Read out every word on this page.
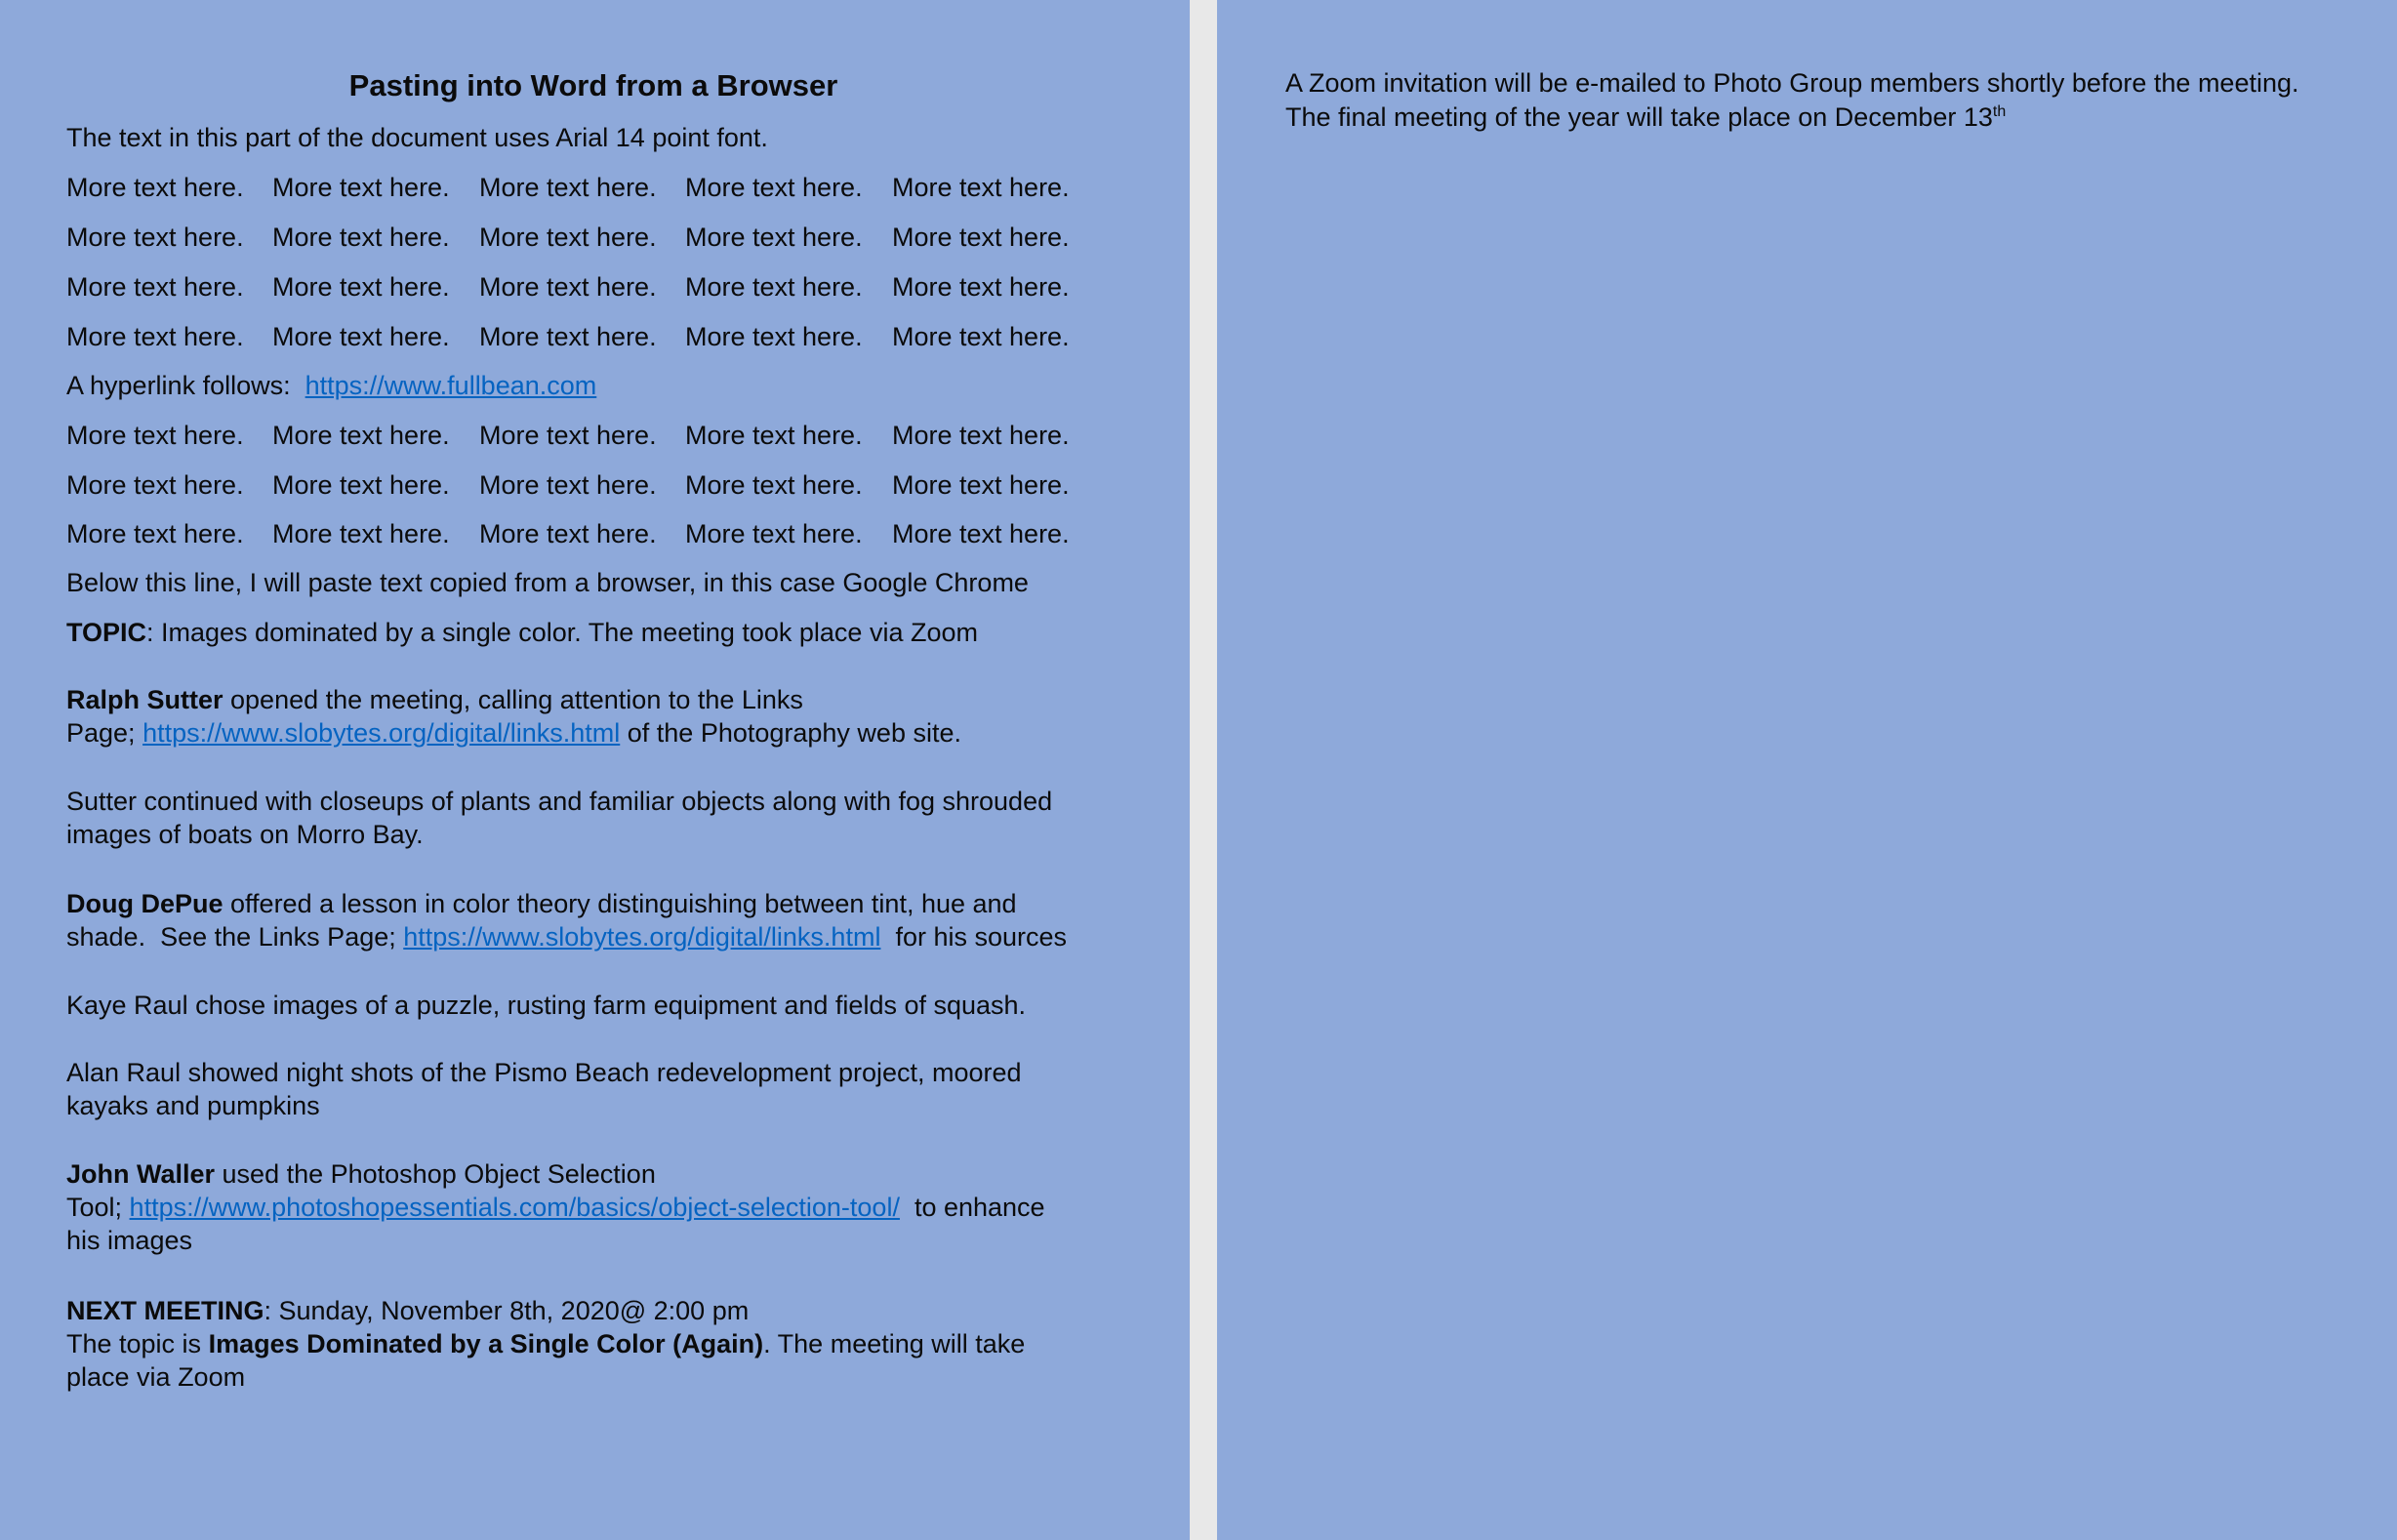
Pasting into Word from a Browser
The text in this part of the document uses Arial 14 point font.
More text here. More text here. More text here. More text here. More text here.
More text here. More text here. More text here. More text here. More text here.
More text here. More text here. More text here. More text here. More text here.
More text here. More text here. More text here. More text here. More text here.
A hyperlink follows: https://www.fullbean.com
More text here. More text here. More text here. More text here. More text here.
More text here. More text here. More text here. More text here. More text here.
More text here. More text here. More text here. More text here. More text here.
Below this line, I will paste text copied from a browser, in this case Google Chrome
TOPIC: Images dominated by a single color. The meeting took place via Zoom
Ralph Sutter opened the meeting, calling attention to the Links
Page; https://www.slobytes.org/digital/links.html of the Photography web site.
Sutter continued with closeups of plants and familiar objects along with fog shrouded
images of boats on Morro Bay.
Doug DePue offered a lesson in color theory distinguishing between tint, hue and
shade.  See the Links Page; https://www.slobytes.org/digital/links.html  for his sources
Kaye Raul chose images of a puzzle, rusting farm equipment and fields of squash.
Alan Raul showed night shots of the Pismo Beach redevelopment project, moored
kayaks and pumpkins
John Waller used the Photoshop Object Selection
Tool; https://www.photoshopessentials.com/basics/object-selection-tool/  to enhance
his images
NEXT MEETING: Sunday, November 8th, 2020@ 2:00 pm
The topic is Images Dominated by a Single Color (Again). The meeting will take
place via Zoom
A Zoom invitation will be e-mailed to Photo Group members shortly before the meeting.
The final meeting of the year will take place on December 13th
